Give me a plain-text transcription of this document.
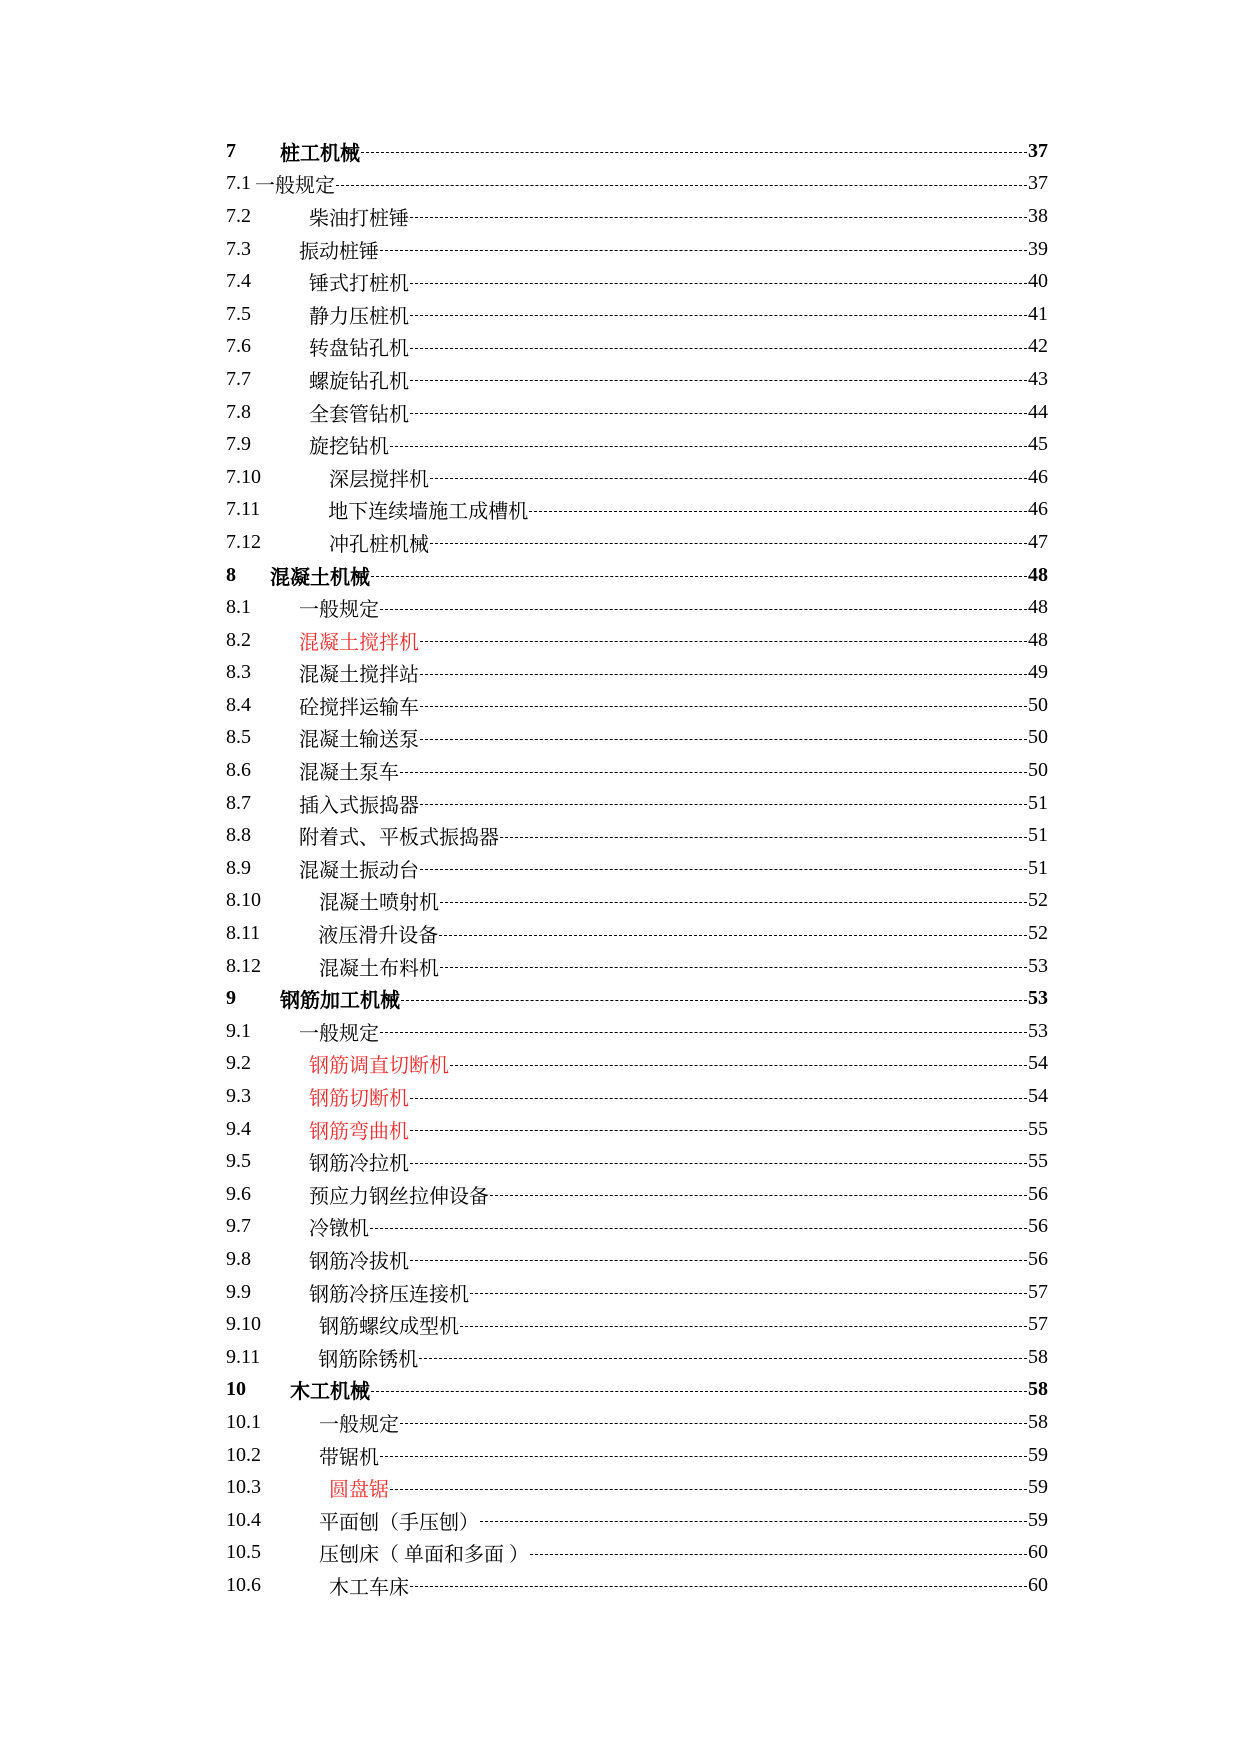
7 桩工机械	37
7.1 一般规定	37
7.2	柴油打桩锤	38
7.3 振动桩锤	39
7.4	锤式打桩机	40
7.5	静力压桩机	41
7.6	转盘钻孔机	42
7.7	螺旋钻孔机	43
7.8	全套管钻机	44
7.9	旋挖钻机	45
7.10	深层搅拌机	46
7.11	地下连续墙施工成槽机	46
7.12	冲孔桩机械	47
8 混凝土机械	48
8.1 一般规定	48
8.2 混凝土搅拌机	48
8.3 混凝土搅拌站	49
8.4 砼搅拌运输车	50
8.5 混凝土输送泵	50
8.6 混凝土泵车	50
8.7 插入式振捣器	51
8.8 附着式、平板式振捣器	51
8.9 混凝土振动台	51
8.10	混凝土喷射机	52
8.11	液压滑升设备	52
8.12	混凝土布料机	53
9 钢筋加工机械	53
9.1 一般规定	53
9.2	钢筋调直切断机	54
9.3	钢筋切断机	54
9.4	钢筋弯曲机	55
9.5	钢筋冷拉机	55
9.6	预应力钢丝拉伸设备	56
9.7	冷镦机	56
9.8	钢筋冷拔机	56
9.9	钢筋冷挤压连接机	57
9.10	钢筋螺纹成型机	57
9.11	钢筋除锈机	58
10 木工机械	58
10.1	一般规定	58
10.2	带锯机	59
10.3	圆盘锯	59
10.4	平面刨（手压刨）	59
10.5	压刨床（ 单面和多面 ）	60
10.6	木工车床	60
